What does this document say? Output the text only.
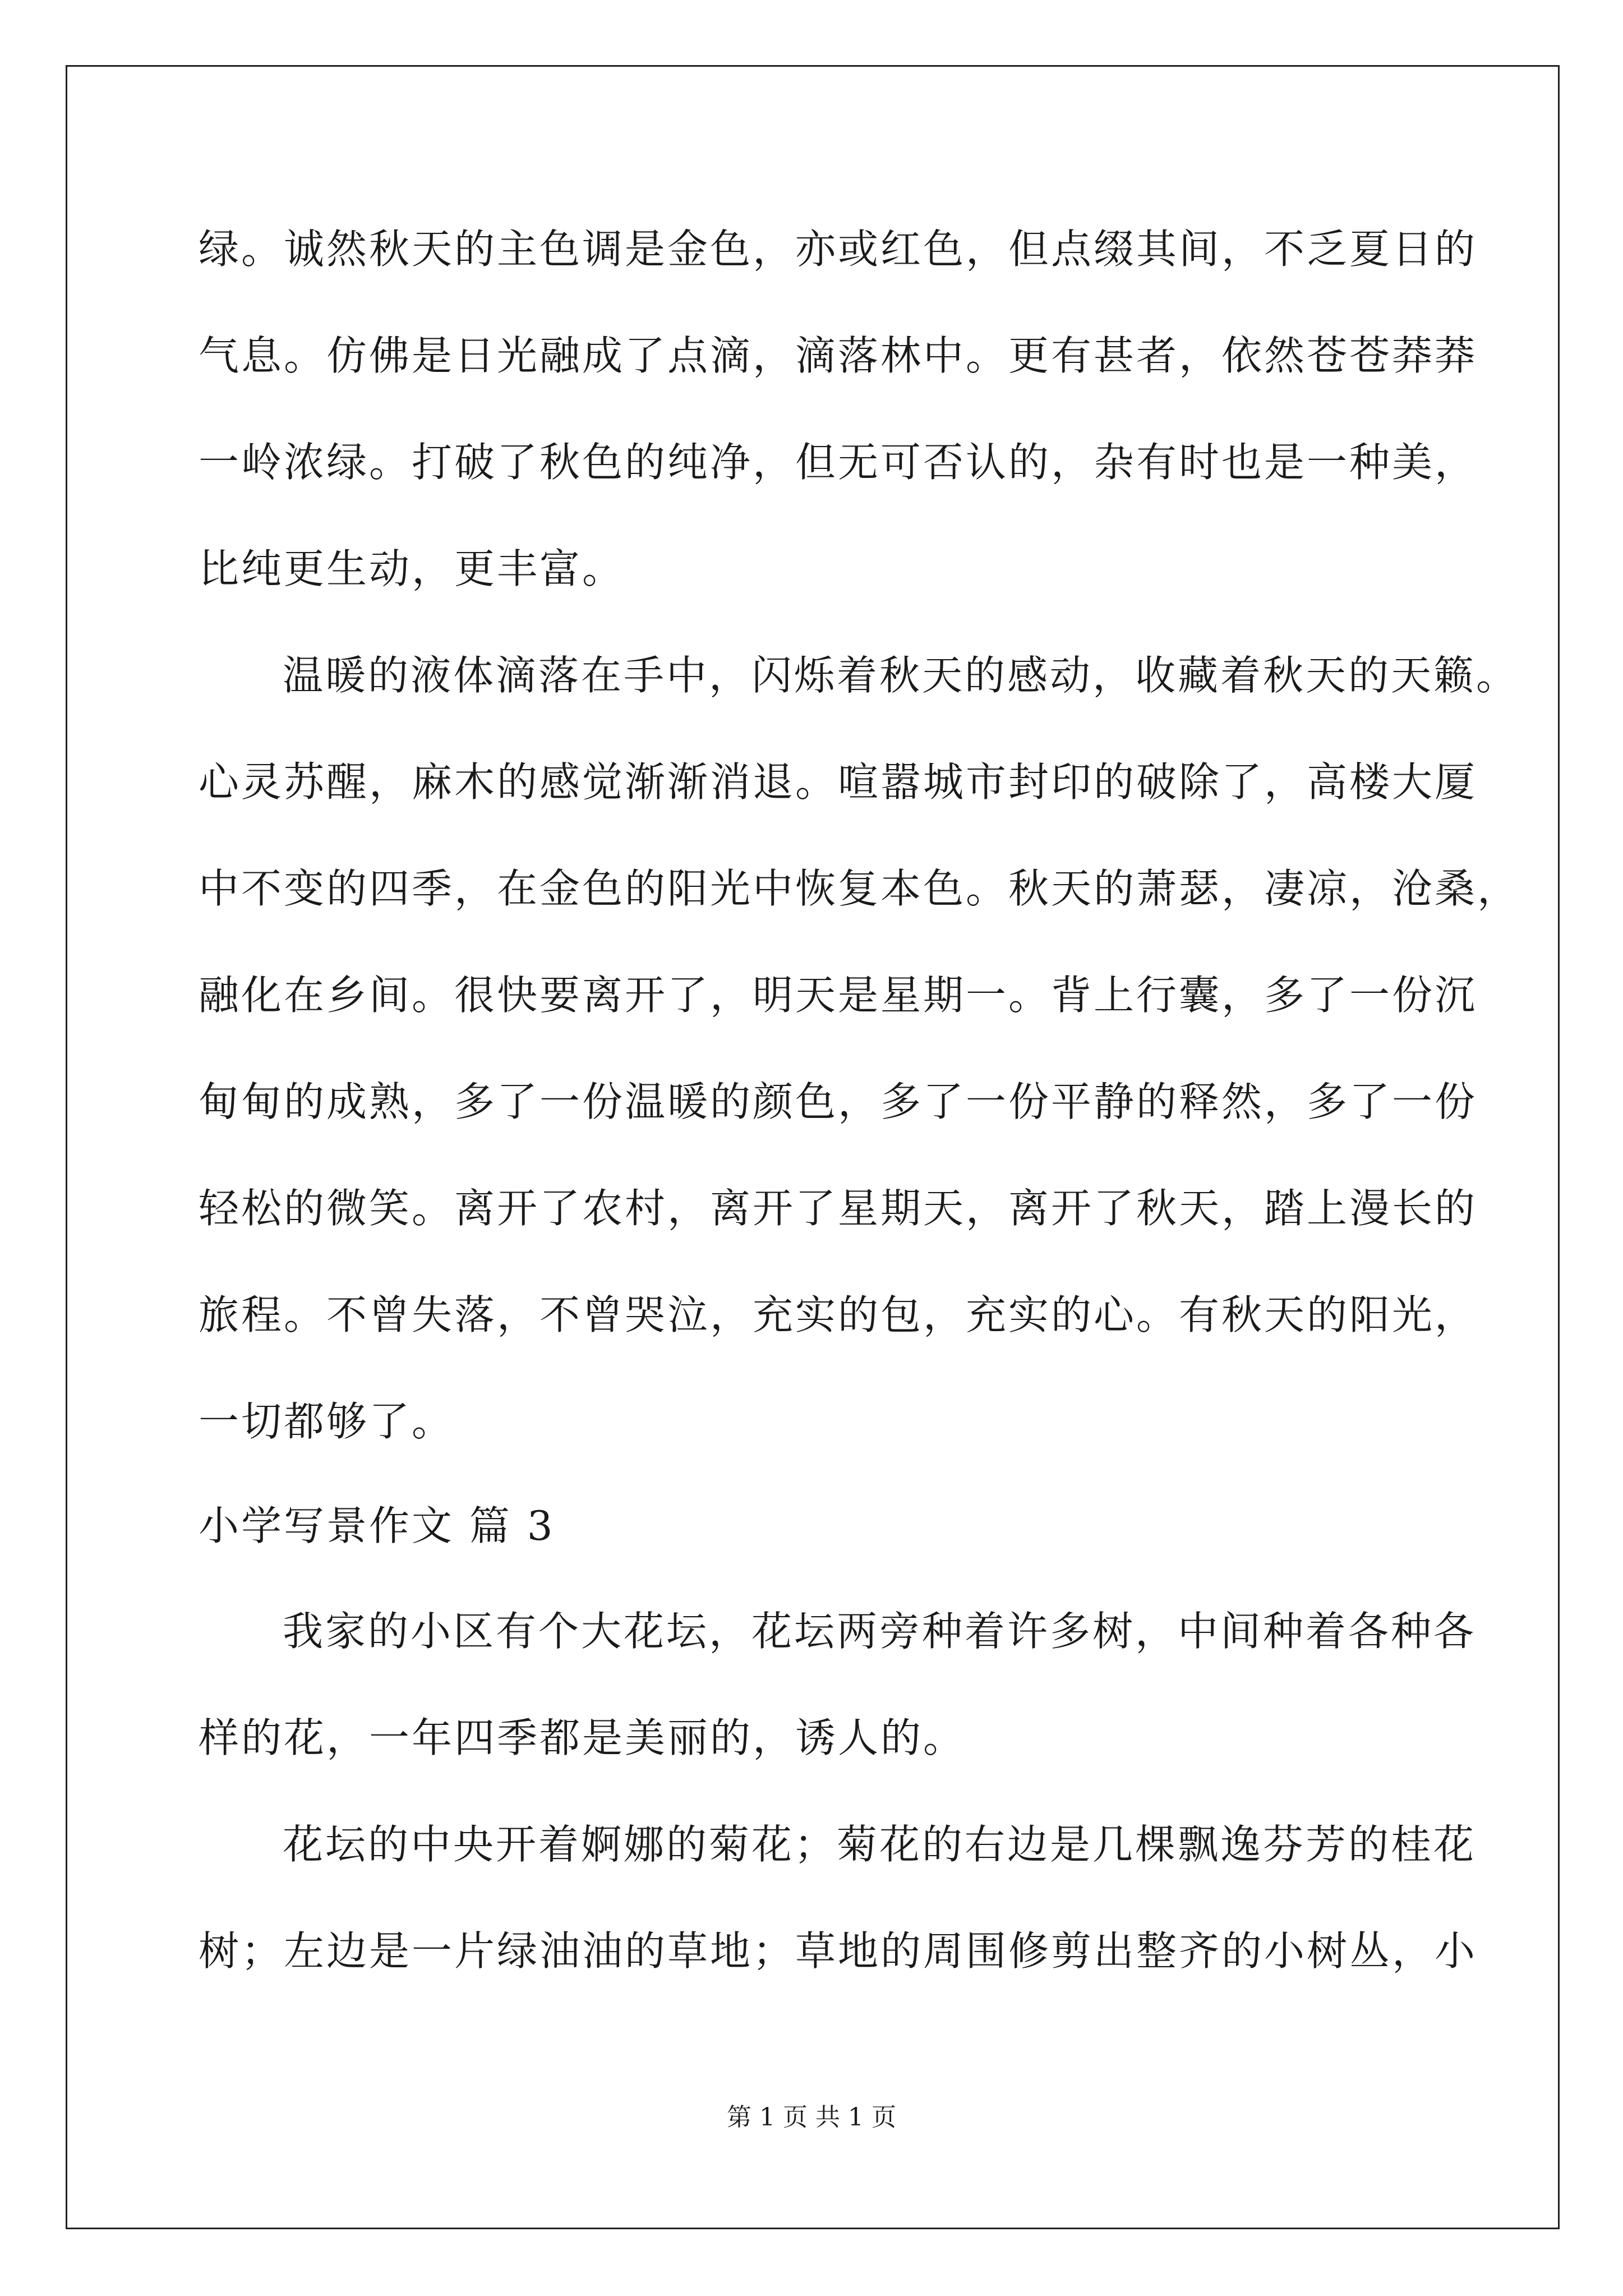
绿。诚然秋天的主色调是金色，亦或红色，但点缀其间，不乏夏日的
气息。仿佛是日光融成了点滴，滴落林中。更有甚者，依然苍苍莽莽
一岭浓绿。打破了秋色的纯净，但无可否认的，杂有时也是一种美，
比纯更生动，更丰富。
温暖的液体滴落在手中，闪烁着秋天的感动，收藏着秋天的天籁。
心灵苏醒，麻木的感觉渐渐消退。喧嚣城市封印的破除了，高楼大厦
中不变的四季，在金色的阳光中恢复本色。秋天的萧瑟，凄凉，沧桑，
融化在乡间。很快要离开了，明天是星期一。背上行囊，多了一份沉
甸甸的成熟，多了一份温暖的颜色，多了一份平静的释然，多了一份
轻松的微笑。离开了农村，离开了星期天，离开了秋天，踏上漫长的
旅程。不曾失落，不曾哭泣，充实的包，充实的心。有秋天的阳光，
一切都够了。
小学写景作文 篇 3
我家的小区有个大花坛，花坛两旁种着许多树，中间种着各种各
样的花，一年四季都是美丽的，诱人的。
花坛的中央开着婀娜的菊花；菊花的右边是几棵飘逸芬芳的桂花
树；左边是一片绿油油的草地；草地的周围修剪出整齐的小树丛，小
第 1 页 共 1 页
